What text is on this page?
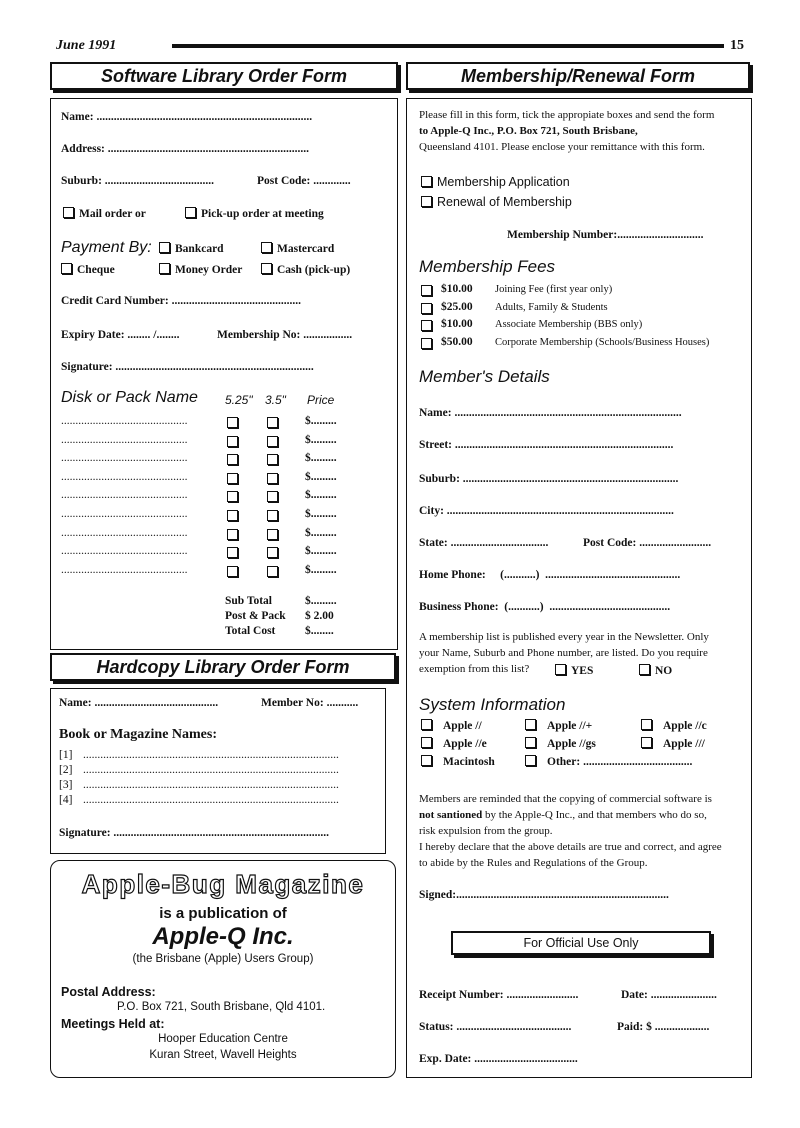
June 1991	15
Software Library Order Form
Name: ...........................................................................
Address: ......................................................................
Suburb: ......................................	Post Code: .............
Mail order or	Pick-up order at meeting
Payment By:	Bankcard	Mastercard
Cheque	Money Order	Cash (pick-up)
Credit Card Number: .............................................
Expiry Date: ........ /........	Membership No: .................
Signature: .....................................................................
Disk or Pack Name 5.25" 3.5" Price
............................................	$.........
............................................	$.........
............................................	$.........
............................................	$.........
............................................	$.........
............................................	$.........
............................................	$.........
............................................	$.........
............................................	$.........
Sub Total	$.........
Post & Pack $ 2.00
Total Cost	$........
Hardcopy Library Order Form
Name: ...........................................	Member No: ...........
Book or Magazine Names:
[1] .........................................................................................
[2] .........................................................................................
[3] .........................................................................................
[4] .........................................................................................
Signature: ...........................................................................
Apple-Bug Magazine
is a publication of
Apple-Q Inc.
(the Brisbane (Apple) Users Group)
Postal Address:
P.O. Box 721, South Brisbane, Qld 4101.
Meetings Held at:
Hooper Education Centre
Kuran Street, Wavell Heights
Membership/Renewal Form
Please fill in this form, tick the appropiate boxes and send the form
to Apple-Q Inc., P.O. Box 721, South Brisbane,
Queensland 4101. Please enclose your remittance with this form.
Membership Application
Renewal of Membership
Membership Number:..............................
Membership Fees
$10.00 Joining Fee (first year only)
$25.00 Adults, Family & Students
$10.00 Associate Membership (BBS only)
$50.00 Corporate Membership (Schools/Business Houses)
Member's Details
Name: ...............................................................................
Street: ............................................................................
Suburb: ...........................................................................
City: ...............................................................................
State: ..................................	Post Code: .........................
Home Phone:     (...........)  ...............................................
Business Phone:  (...........)  ..........................................
A membership list is published every year in the Newsletter. Only
your Name, Suburb and Phone number, are listed. Do you require
exemption from this list?	YES	NO
System Information
Apple //	Apple //+	Apple //c
Apple //e	Apple //gs	Apple ///
Macintosh	Other: ......................................
Members are reminded that the copying of commercial software is
not santioned by the Apple-Q Inc., and that members who do so,
risk expulsion from the group.
I hereby declare that the above details are true and correct, and agree
to abide by the Rules and Regulations of the Group.
Signed:..........................................................................
For Official Use Only
Receipt Number: .........................	Date: .......................
Status: ........................................	Paid: $ ...................
Exp. Date: ....................................
